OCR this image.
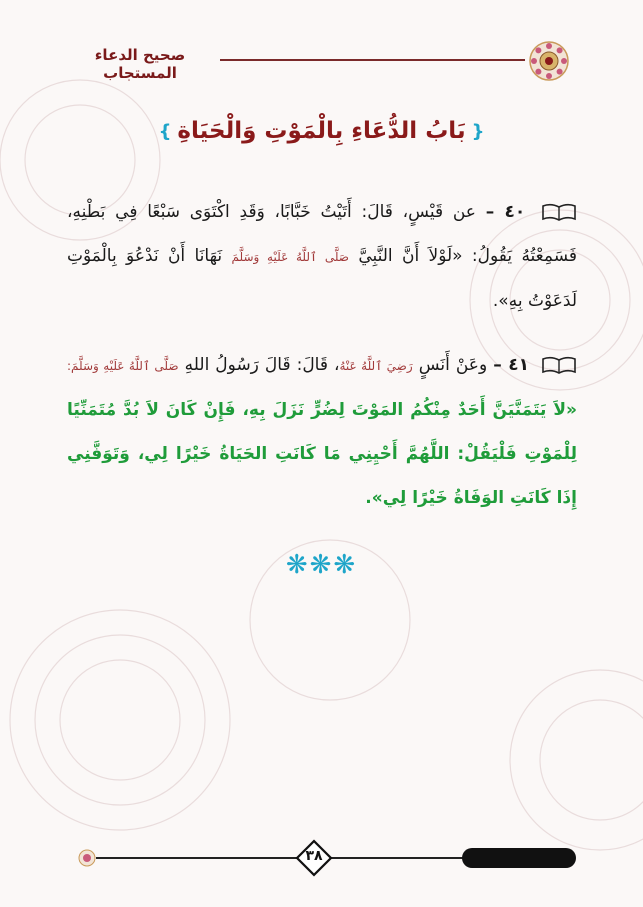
صحيح الدعاء المستجاب
{
بَابُ الدُّعَاءِ بِالْمَوْتِ وَالْحَيَاةِ
}
٤٠ – عن قَيْسٍ، قَالَ: أَتَيْتُ خَبَّابًا، وَقَدِ اكْتَوَى سَبْعًا فِي بَطْنِهِ، فَسَمِعْتُهُ يَقُولُ: «لَوْلاَ أَنَّ النَّبِيَّ صَلَّى ٱللَّهُ عَلَيْهِ وَسَلَّمَ نَهَانَا أَنْ نَدْعُوَ بِالْمَوْتِ لَدَعَوْتُ بِهِ».
٤١ – وعَنْ أَنَسٍ رَضِيَ ٱللَّهُ عَنْهُ، قَالَ: قَالَ رَسُولُ اللهِ صَلَّى ٱللَّهُ عَلَيْهِ وَسَلَّمَ: «لاَ يَتَمَنَّيَنَّ أَحَدٌ مِنْكُمُ المَوْتَ لِضُرٍّ نَزَلَ بِهِ، فَإِنْ كَانَ لاَ بُدَّ مُتَمَنِّيًا لِلْمَوْتِ فَلْيَقُلْ: اللَّهُمَّ أَحْيِنِي مَا كَانَتِ الحَيَاةُ خَيْرًا لِي، وَتَوَفَّنِي إِذَا كَانَتِ الوَفَاةُ خَيْرًا لِي».
❋❋❋
٣٨
